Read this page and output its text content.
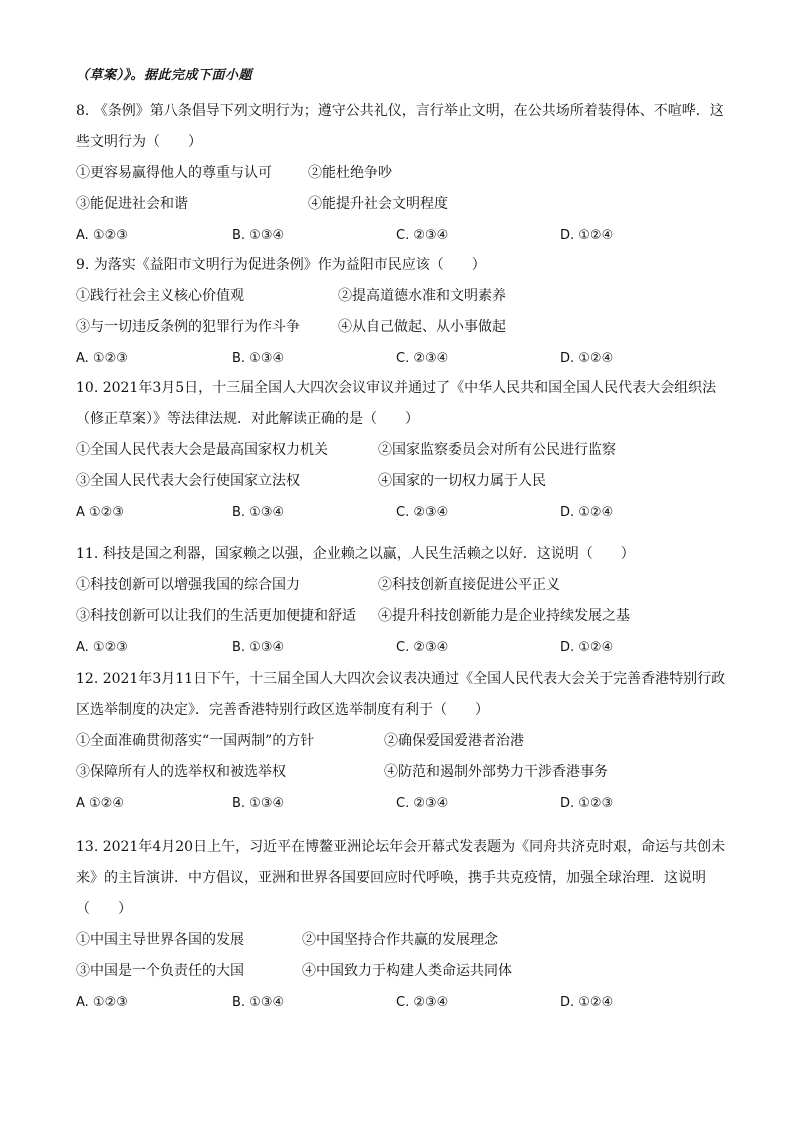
（草案）》。据此完成下面小题

8. 《条例》第八条倡导下列文明行为；遵守公共礼仪，言行举止文明，在公共场所着装得体、不喧哗．这些文明行为（　　）

①更容易赢得他人的尊重与认可	②能杜绝争吵
③能促进社会和谐	④能提升社会文明程度
A. ①②③	B. ①③④	C. ②③④	D. ①②④

9. 为落实《益阳市文明行为促进条例》作为益阳市民应该（　　）

①践行社会主义核心价值观	②提高道德水准和文明素养
③与一切违反条例的犯罪行为作斗争	④从自己做起、从小事做起
A. ①②③	B. ①③④	C. ②③④	D. ①②④

10. 2021年3月5日，十三届全国人大四次会议审议并通过了《中华人民共和国全国人民代表大会组织法（修正草案）》等法律法规．对此解读正确的是（　　）

①全国人民代表大会是最高国家权力机关	②国家监察委员会对所有公民进行监察
③全国人民代表大会行使国家立法权	④国家的一切权力属于人民
A ①②③	B. ①③④	C. ②③④	D. ①②④

11. 科技是国之利器，国家赖之以强，企业赖之以赢，人民生活赖之以好．这说明（　　）

①科技创新可以增强我国的综合国力	②科技创新直接促进公平正义
③科技创新可以让我们的生活更加便捷和舒适 ④提升科技创新能力是企业持续发展之基
A. ①②③	B. ①③④	C. ②③④	D. ①②④

12. 2021年3月11日下午，十三届全国人大四次会议表决通过《全国人民代表大会关于完善香港特别行政区选举制度的决定》．完善香港特别行政区选举制度有利于（　　）

①全面准确贯彻落实“一国两制”的方针	②确保爱国爱港者治港
③保障所有人的选举权和被选举权	④防范和遏制外部势力干涉香港事务
A ①②④	B. ①③④	C. ②③④	D. ①②③

13. 2021年4月20日上午，习近平在博鳌亚洲论坛年会开幕式发表题为《同舟共济克时艰，命运与共创未来》的主旨演讲．中方倡议，亚洲和世界各国要回应时代呼唤，携手共克疫情，加强全球治理．这说明（　　）

①中国主导世界各国的发展	②中国坚持合作共赢的发展理念
③中国是一个负责任的大国	④中国致力于构建人类命运共同体
A. ①②③	B. ①③④	C. ②③④	D. ①②④
